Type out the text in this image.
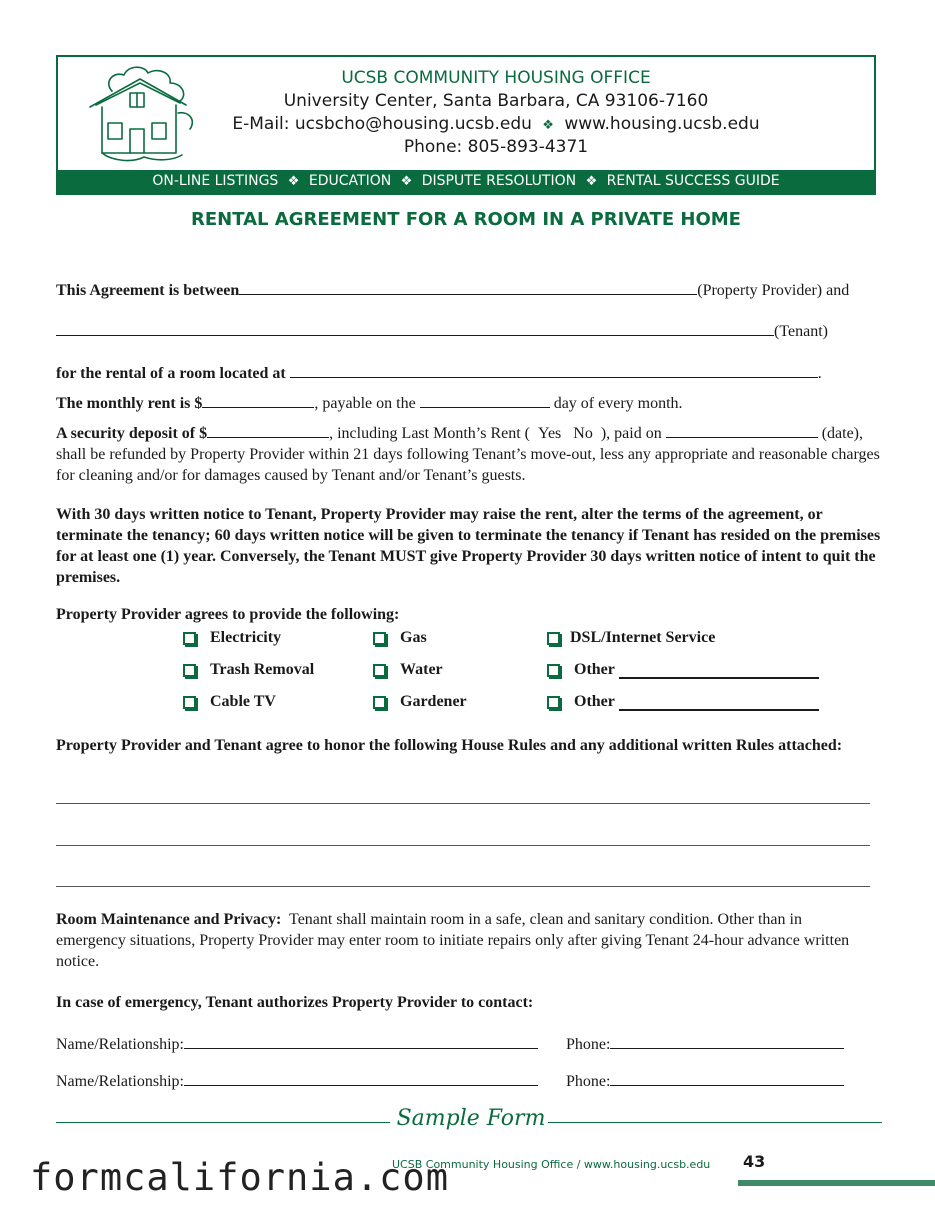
UCSB COMMUNITY HOUSING OFFICE
University Center, Santa Barbara, CA 93106-7160
E-Mail: ucsbcho@housing.ucsb.edu ❖ www.housing.ucsb.edu
Phone: 805-893-4371
ON-LINE LISTINGS ❖ EDUCATION ❖ DISPUTE RESOLUTION ❖ RENTAL SUCCESS GUIDE
RENTAL AGREEMENT FOR A ROOM IN A PRIVATE HOME
This Agreement is between	(Property Provider) and
(Tenant)
for the rental of a room located at	.
The monthly rent is $	, payable on the	day of every month.
A security deposit of $	, including Last Month’s Rent ( Yes No ), paid on	(date), shall be refunded by Property Provider within 21 days following Tenant’s move-out, less any appropriate and reasonable charges for cleaning and/or for damages caused by Tenant and/or Tenant’s guests.
With 30 days written notice to Tenant, Property Provider may raise the rent, alter the terms of the agreement, or terminate the tenancy; 60 days written notice will be given to terminate the tenancy if Tenant has resided on the premises for at least one (1) year. Conversely, the Tenant MUST give Property Provider 30 days written notice of intent to quit the premises.
Property Provider agrees to provide the following:
Electricity	Gas	DSL/Internet Service
Trash Removal	Water	Other

Cable TV	Gardener	Other

Property Provider and Tenant agree to honor the following House Rules and any additional written Rules attached:
Room Maintenance and Privacy: Tenant shall maintain room in a safe, clean and sanitary condition. Other than in emergency situations, Property Provider may enter room to initiate repairs only after giving Tenant 24-hour advance written notice.
In case of emergency, Tenant authorizes Property Provider to contact:
Name/Relationship:	Phone:
Name/Relationship:	Phone:
Sample Form
UCSB Community Housing Office / www.housing.ucsb.edu 43
formcalifornia.com
